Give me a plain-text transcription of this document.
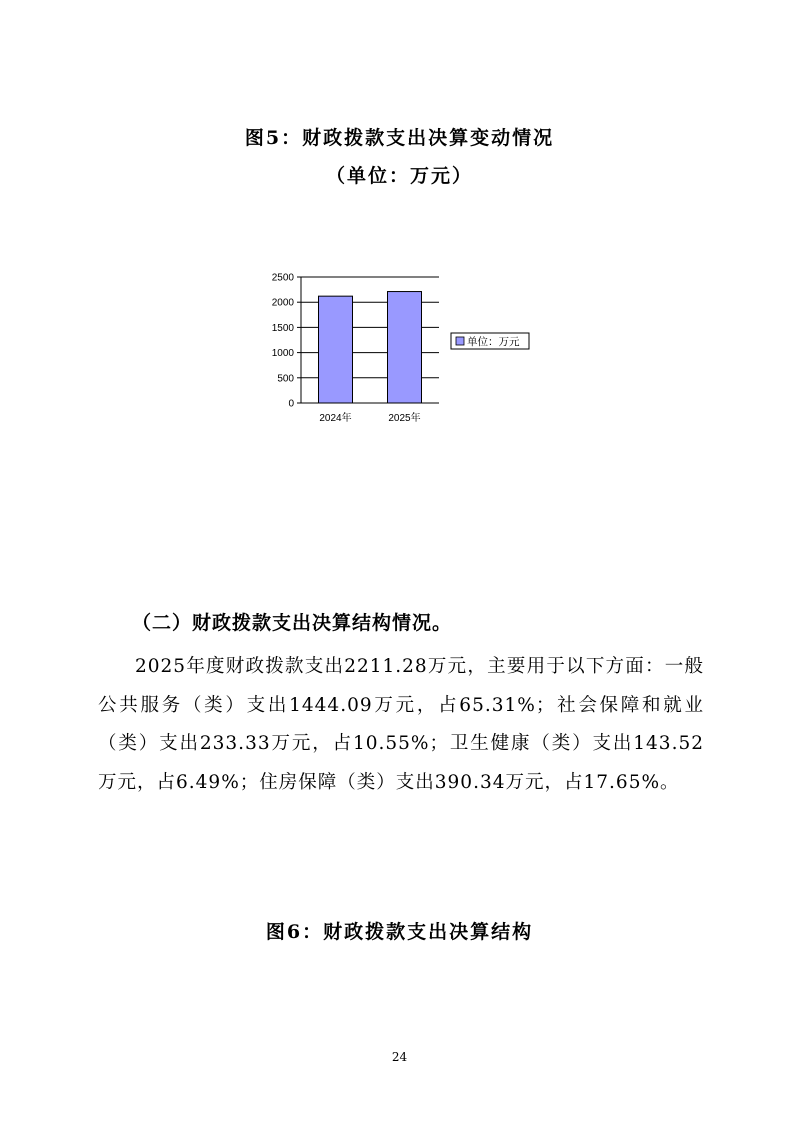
图5：财政拨款支出决算变动情况
（单位：万元）
0
500
1000
1500
2000
2500
2024年	2025年
单位：万元
（二）财政拨款支出决算结构情况。
2025年度财政拨款支出2211.28万元，主要用于以下方面：一般公共服务（类）支出1444.09万元，占65.31%；社会保障和就业（类）支出233.33万元，占10.55%；卫生健康（类）支出143.52万元，占6.49%；住房保障（类）支出390.34万元，占17.65%。
图6：财政拨款支出决算结构
24
